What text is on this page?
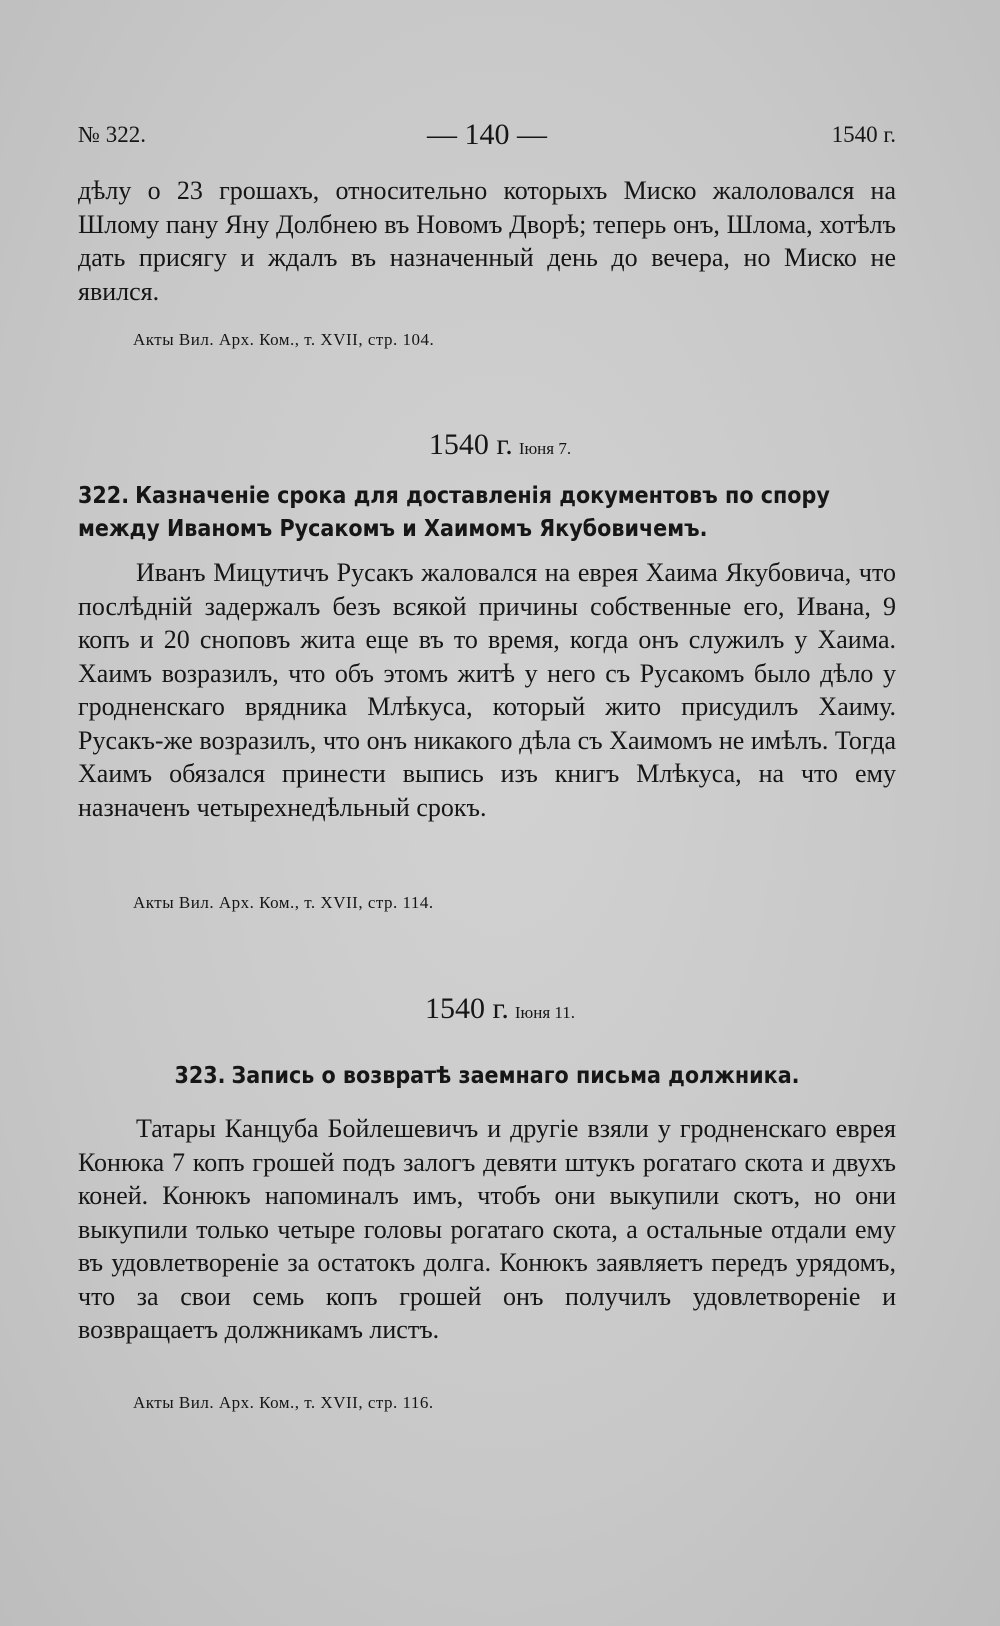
№ 322.	— 140 —	1540 г.

дѣлу о 23 грошахъ, относительно которыхъ Миско жалоловался на Шлому пану Яну Долбнею въ Новомъ Дворѣ; теперь онъ, Шлома, хотѣлъ дать присягу и ждалъ въ назначенный день до вечера, но Миско не явился.

Акты Вил. Арх. Ком., т. XVII, стр. 104.
1540 г. Іюня 7.
322. Казначеніе срока для доставленія документовъ по спору между Иваномъ Русакомъ и Хаимомъ Якубовичемъ.

Иванъ Мицутичъ Русакъ жаловался на еврея Хаима Якубовича, что послѣдній задержалъ безъ всякой причины собственные его, Ивана, 9 копъ и 20 сноповъ жита еще въ то время, когда онъ служилъ у Хаима. Хаимъ возразилъ, что объ этомъ житѣ у него съ Русакомъ было дѣло у гродненскаго врядника Млѣкуса, который жито присудилъ Хаиму. Русакъ-же возразилъ, что онъ никакого дѣла съ Хаимомъ не имѣлъ. Тогда Хаимъ обязался принести выпись изъ книгъ Млѣкуса, на что ему назначенъ четырехнедѣльный срокъ.

Акты Вил. Арх. Ком., т. XVII, стр. 114.
1540 г. Іюня 11.
323. Запись о возвратѣ заемнаго письма должника.

Татары Канцуба Бойлешевичъ и другіе взяли у гродненскаго еврея Конюка 7 копъ грошей подъ залогъ девяти штукъ рогатаго скота и двухъ коней. Конюкъ напоминалъ имъ, чтобъ они выкупили скотъ, но они выкупили только четыре головы рогатаго скота, а остальные отдали ему въ удовлетвореніе за остатокъ долга. Конюкъ заявляетъ передъ урядомъ, что за свои семь копъ грошей онъ получилъ удовлетвореніе и возвращаетъ должникамъ листъ.

Акты Вил. Арх. Ком., т. XVII, стр. 116.
